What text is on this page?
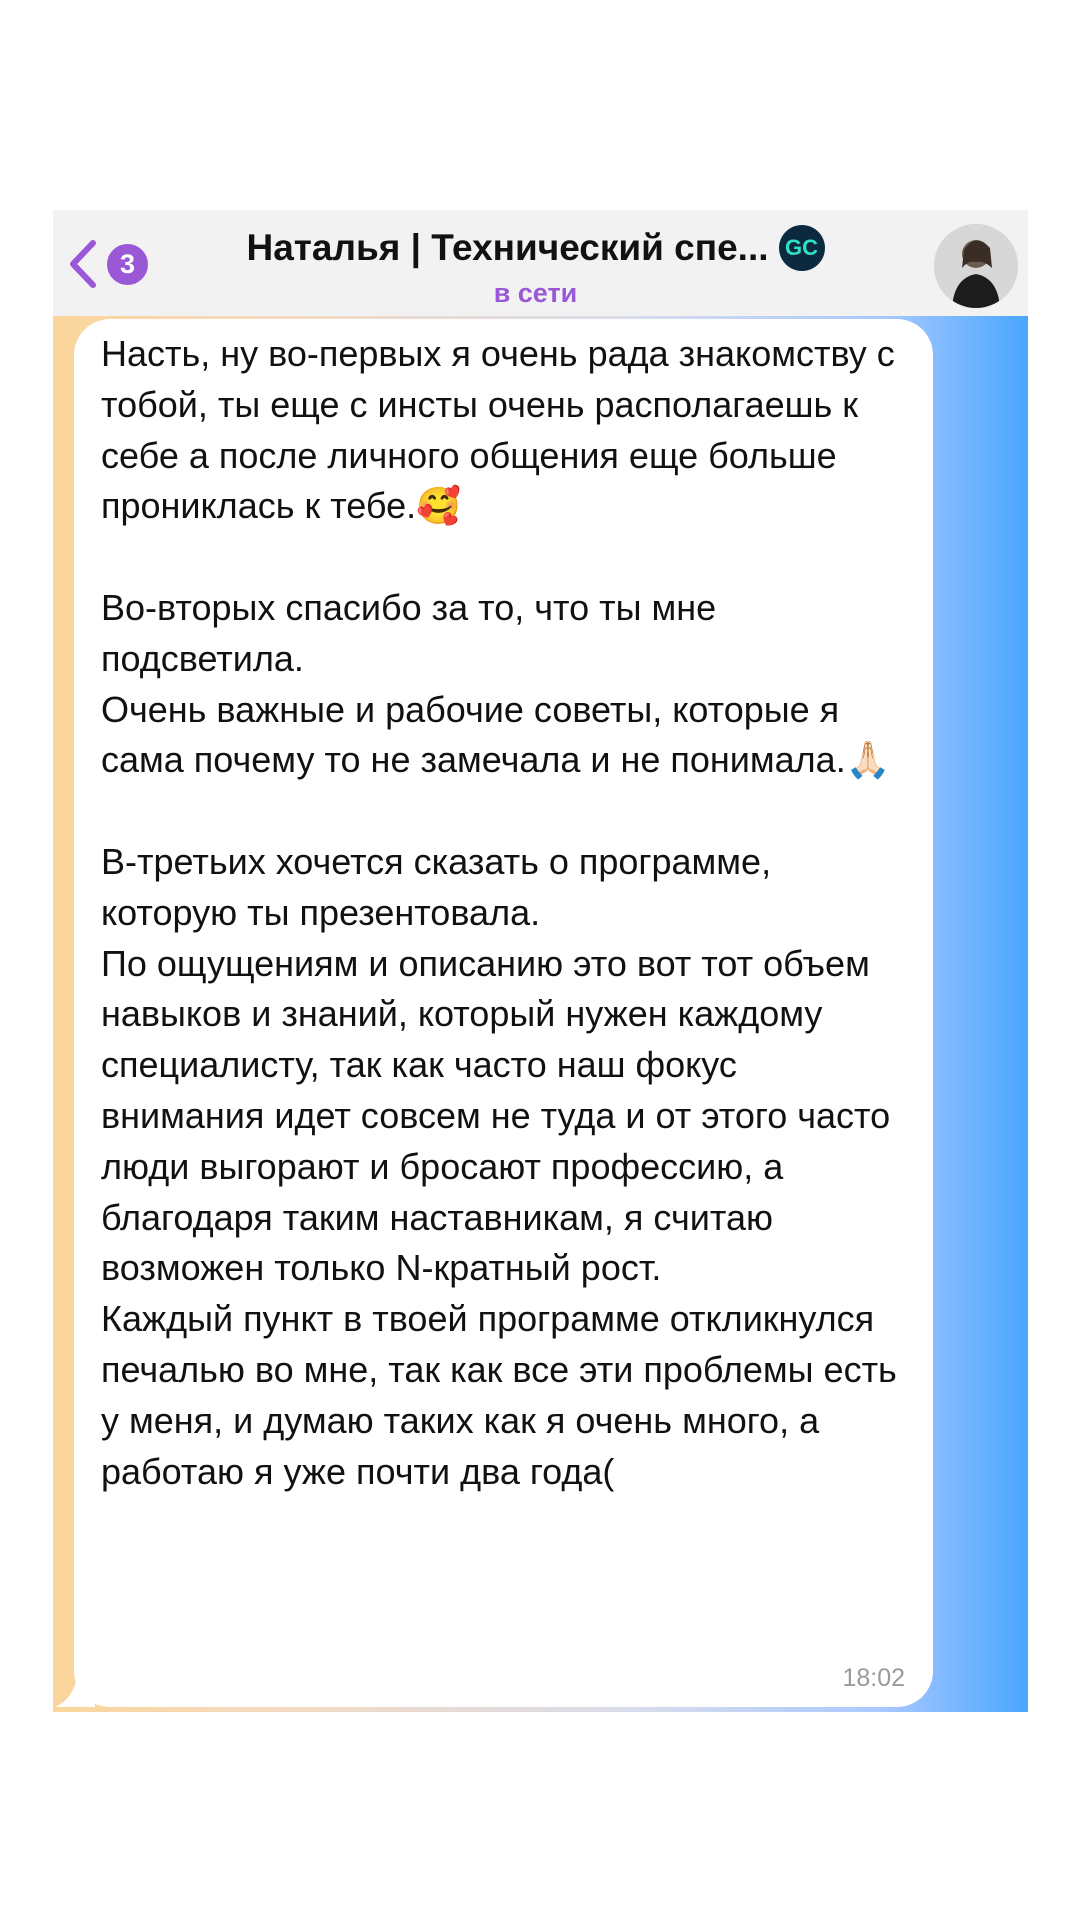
3	Наталья | Технический спе... GC
в сети
Насть, ну во-первых я очень рада знакомству с тобой, ты еще с инсты очень располагаешь к себе а после личного общения еще больше прониклась к тебе.🥰

Во-вторых спасибо за то, что ты мне подсветила.
Очень важные и рабочие советы, которые я сама почему то не замечала и не понимала.🙏🏻

В-третьих хочется сказать о программе, которую ты презентовала.
По ощущениям и описанию это вот тот объем навыков и знаний, который нужен каждому специалисту, так как часто наш фокус внимания идет совсем не туда и от этого часто люди выгорают и бросают профессию, а благодаря таким наставникам, я считаю возможен только N-кратный рост.
Каждый пункт в твоей программе откликнулся печалью во мне, так как все эти проблемы есть у меня, и думаю таких как я очень много, а работаю я уже почти два года(
18:02
